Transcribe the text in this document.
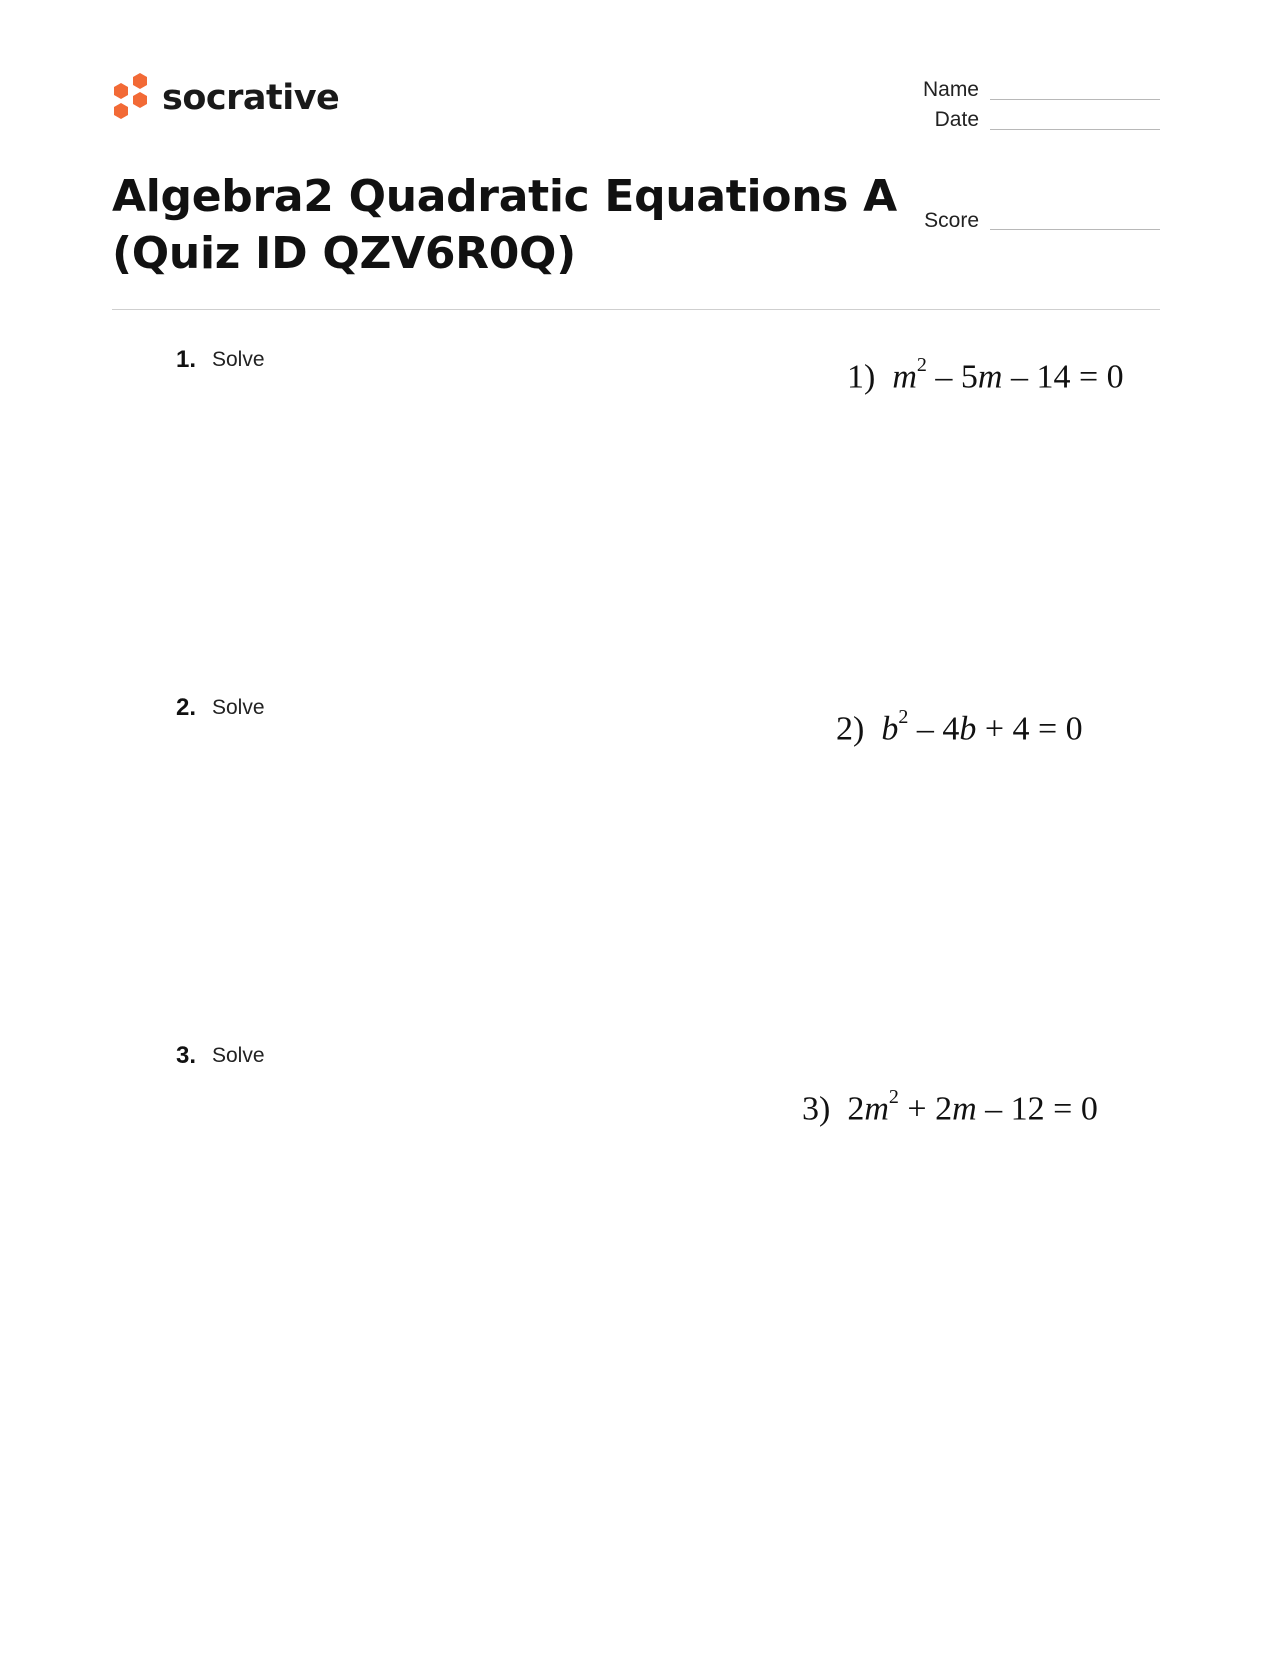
socrative	Name
Date
Score
Algebra2 Quadratic Equations A (Quiz ID QZV6R0Q)
1. Solve	1)  $m^2 - 5m - 14 = 0$
2. Solve
2)  $b^2 - 4b + 4 = 0$
3. Solve
3)  $2m^2 + 2m - 12 = 0$
